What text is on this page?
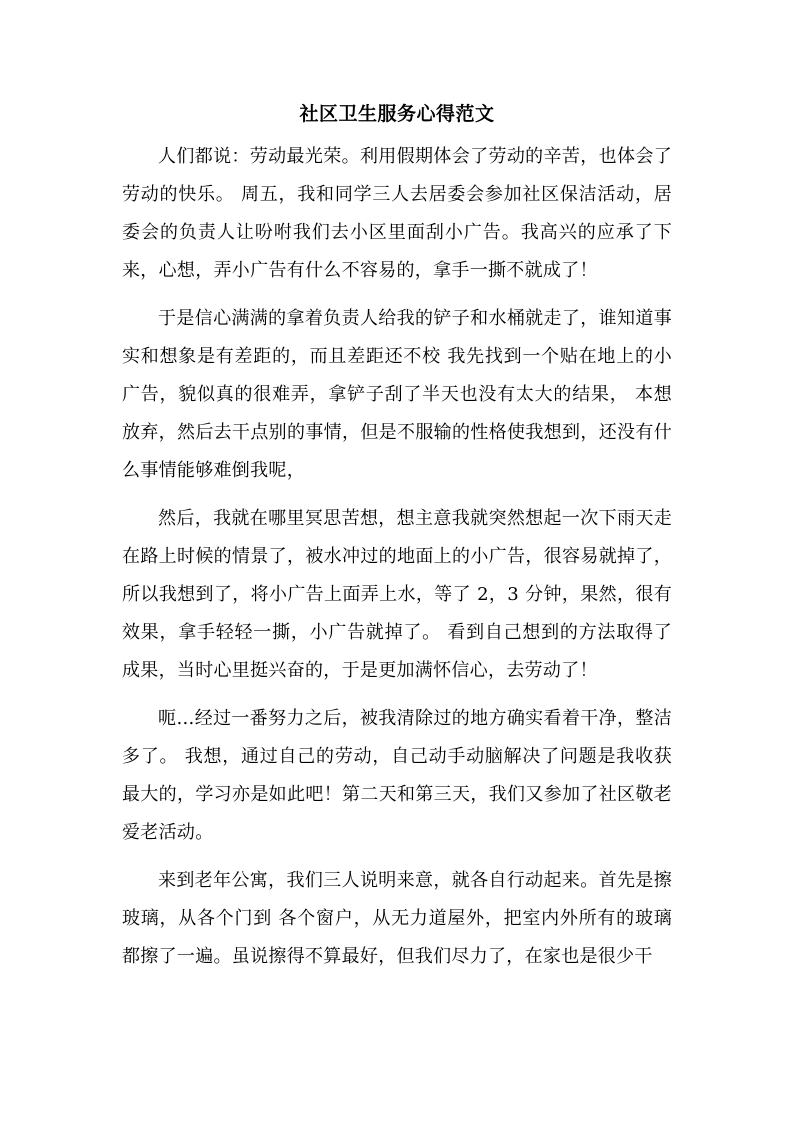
社区卫生服务心得范文

人们都说：劳动最光荣。利用假期体会了劳动的辛苦，也体会了劳动的快乐。 周五，我和同学三人去居委会参加社区保洁活动，居委会的负责人让吩咐我们去小区里面刮小广告。我高兴的应承了下来，心想，弄小广告有什么不容易的，拿手一撕不就成了！

于是信心满满的拿着负责人给我的铲子和水桶就走了，谁知道事实和想象是有差距的，而且差距还不校 我先找到一个贴在地上的小广告，貌似真的很难弄，拿铲子刮了半天也没有太大的结果， 本想放弃，然后去干点别的事情，但是不服输的性格使我想到，还没有什么事情能够难倒我呢，

然后，我就在哪里冥思苦想，想主意我就突然想起一次下雨天走在路上时候的情景了，被水冲过的地面上的小广告，很容易就掉了，所以我想到了，将小广告上面弄上水，等了 2，3 分钟，果然，很有效果，拿手轻轻一撕，小广告就掉了。 看到自己想到的方法取得了成果，当时心里挺兴奋的，于是更加满怀信心，去劳动了！

呃…经过一番努力之后，被我清除过的地方确实看着干净，整洁多了。 我想，通过自己的劳动，自己动手动脑解决了问题是我收获最大的，学习亦是如此吧！第二天和第三天，我们又参加了社区敬老爱老活动。

来到老年公寓，我们三人说明来意，就各自行动起来。首先是擦玻璃，从各个门到 各个窗户，从无力道屋外，把室内外所有的玻璃都擦了一遍。虽说擦得不算最好，但我们尽力了，在家也是很少干
